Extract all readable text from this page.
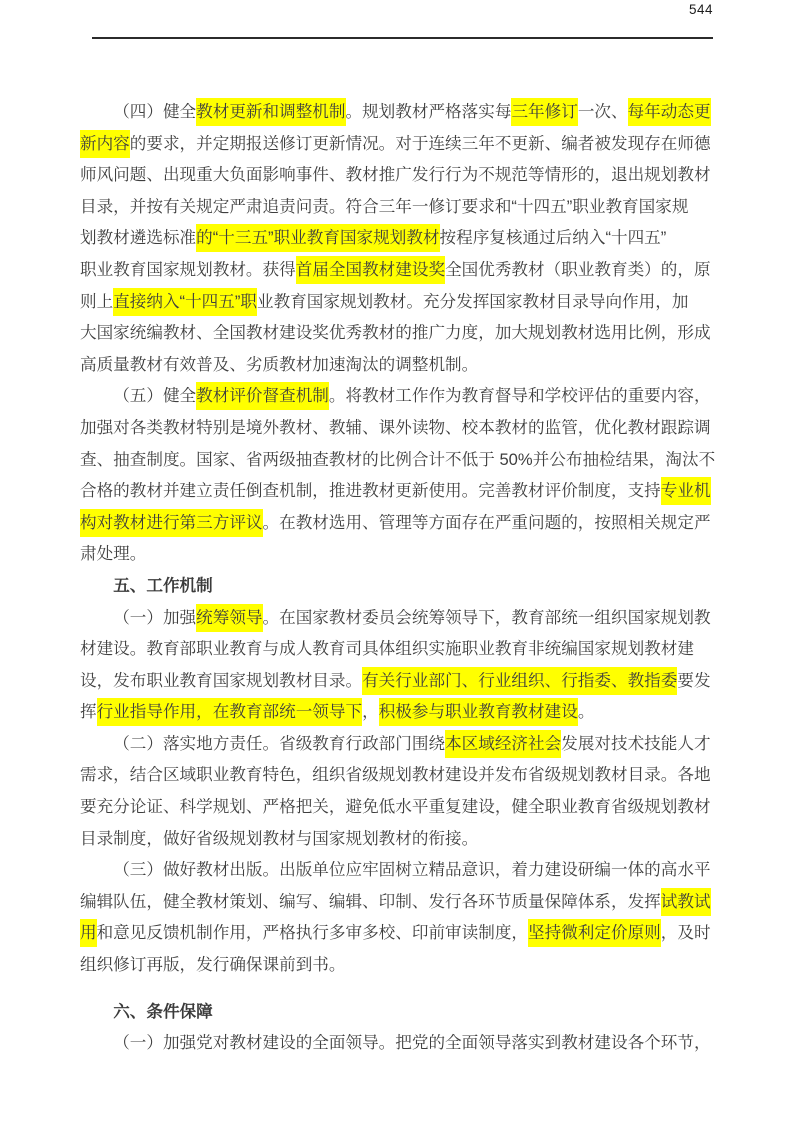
544
（四）健全教材更新和调整机制。规划教材严格落实每三年修订一次、每年动态更
新内容的要求，并定期报送修订更新情况。对于连续三年不更新、编者被发现存在师德
师风问题、出现重大负面影响事件、教材推广发行行为不规范等情形的，退出规划教材
目录，并按有关规定严肃追责问责。符合三年一修订要求和“十四五”职业教育国家规
划教材遴选标准的“十三五”职业教育国家规划教材按程序复核通过后纳入“十四五”
职业教育国家规划教材。获得首届全国教材建设奖全国优秀教材（职业教育类）的，原
则上直接纳入“十四五”职业教育国家规划教材。充分发挥国家教材目录导向作用，加
大国家统编教材、全国教材建设奖优秀教材的推广力度，加大规划教材选用比例，形成
高质量教材有效普及、劣质教材加速淘汰的调整机制。
（五）健全教材评价督查机制。将教材工作作为教育督导和学校评估的重要内容，
加强对各类教材特别是境外教材、教辅、课外读物、校本教材的监管，优化教材跟踪调
查、抽查制度。国家、省两级抽查教材的比例合计不低于 50%并公布抽检结果，淘汰不
合格的教材并建立责任倒查机制，推进教材更新使用。完善教材评价制度，支持专业机
构对教材进行第三方评议。在教材选用、管理等方面存在严重问题的，按照相关规定严
肃处理。
五、工作机制
（一）加强统筹领导。在国家教材委员会统筹领导下，教育部统一组织国家规划教
材建设。教育部职业教育与成人教育司具体组织实施职业教育非统编国家规划教材建
设，发布职业教育国家规划教材目录。有关行业部门、行业组织、行指委、教指委要发
挥行业指导作用，在教育部统一领导下，积极参与职业教育教材建设。
（二）落实地方责任。省级教育行政部门围绕本区域经济社会发展对技术技能人才
需求，结合区域职业教育特色，组织省级规划教材建设并发布省级规划教材目录。各地
要充分论证、科学规划、严格把关，避免低水平重复建设，健全职业教育省级规划教材
目录制度，做好省级规划教材与国家规划教材的衔接。
（三）做好教材出版。出版单位应牢固树立精品意识，着力建设研编一体的高水平
编辑队伍，健全教材策划、编写、编辑、印制、发行各环节质量保障体系，发挥试教试
用和意见反馈机制作用，严格执行多审多校、印前审读制度，坚持微利定价原则，及时
组织修订再版，发行确保课前到书。
六、条件保障
（一）加强党对教材建设的全面领导。把党的全面领导落实到教材建设各个环节，
